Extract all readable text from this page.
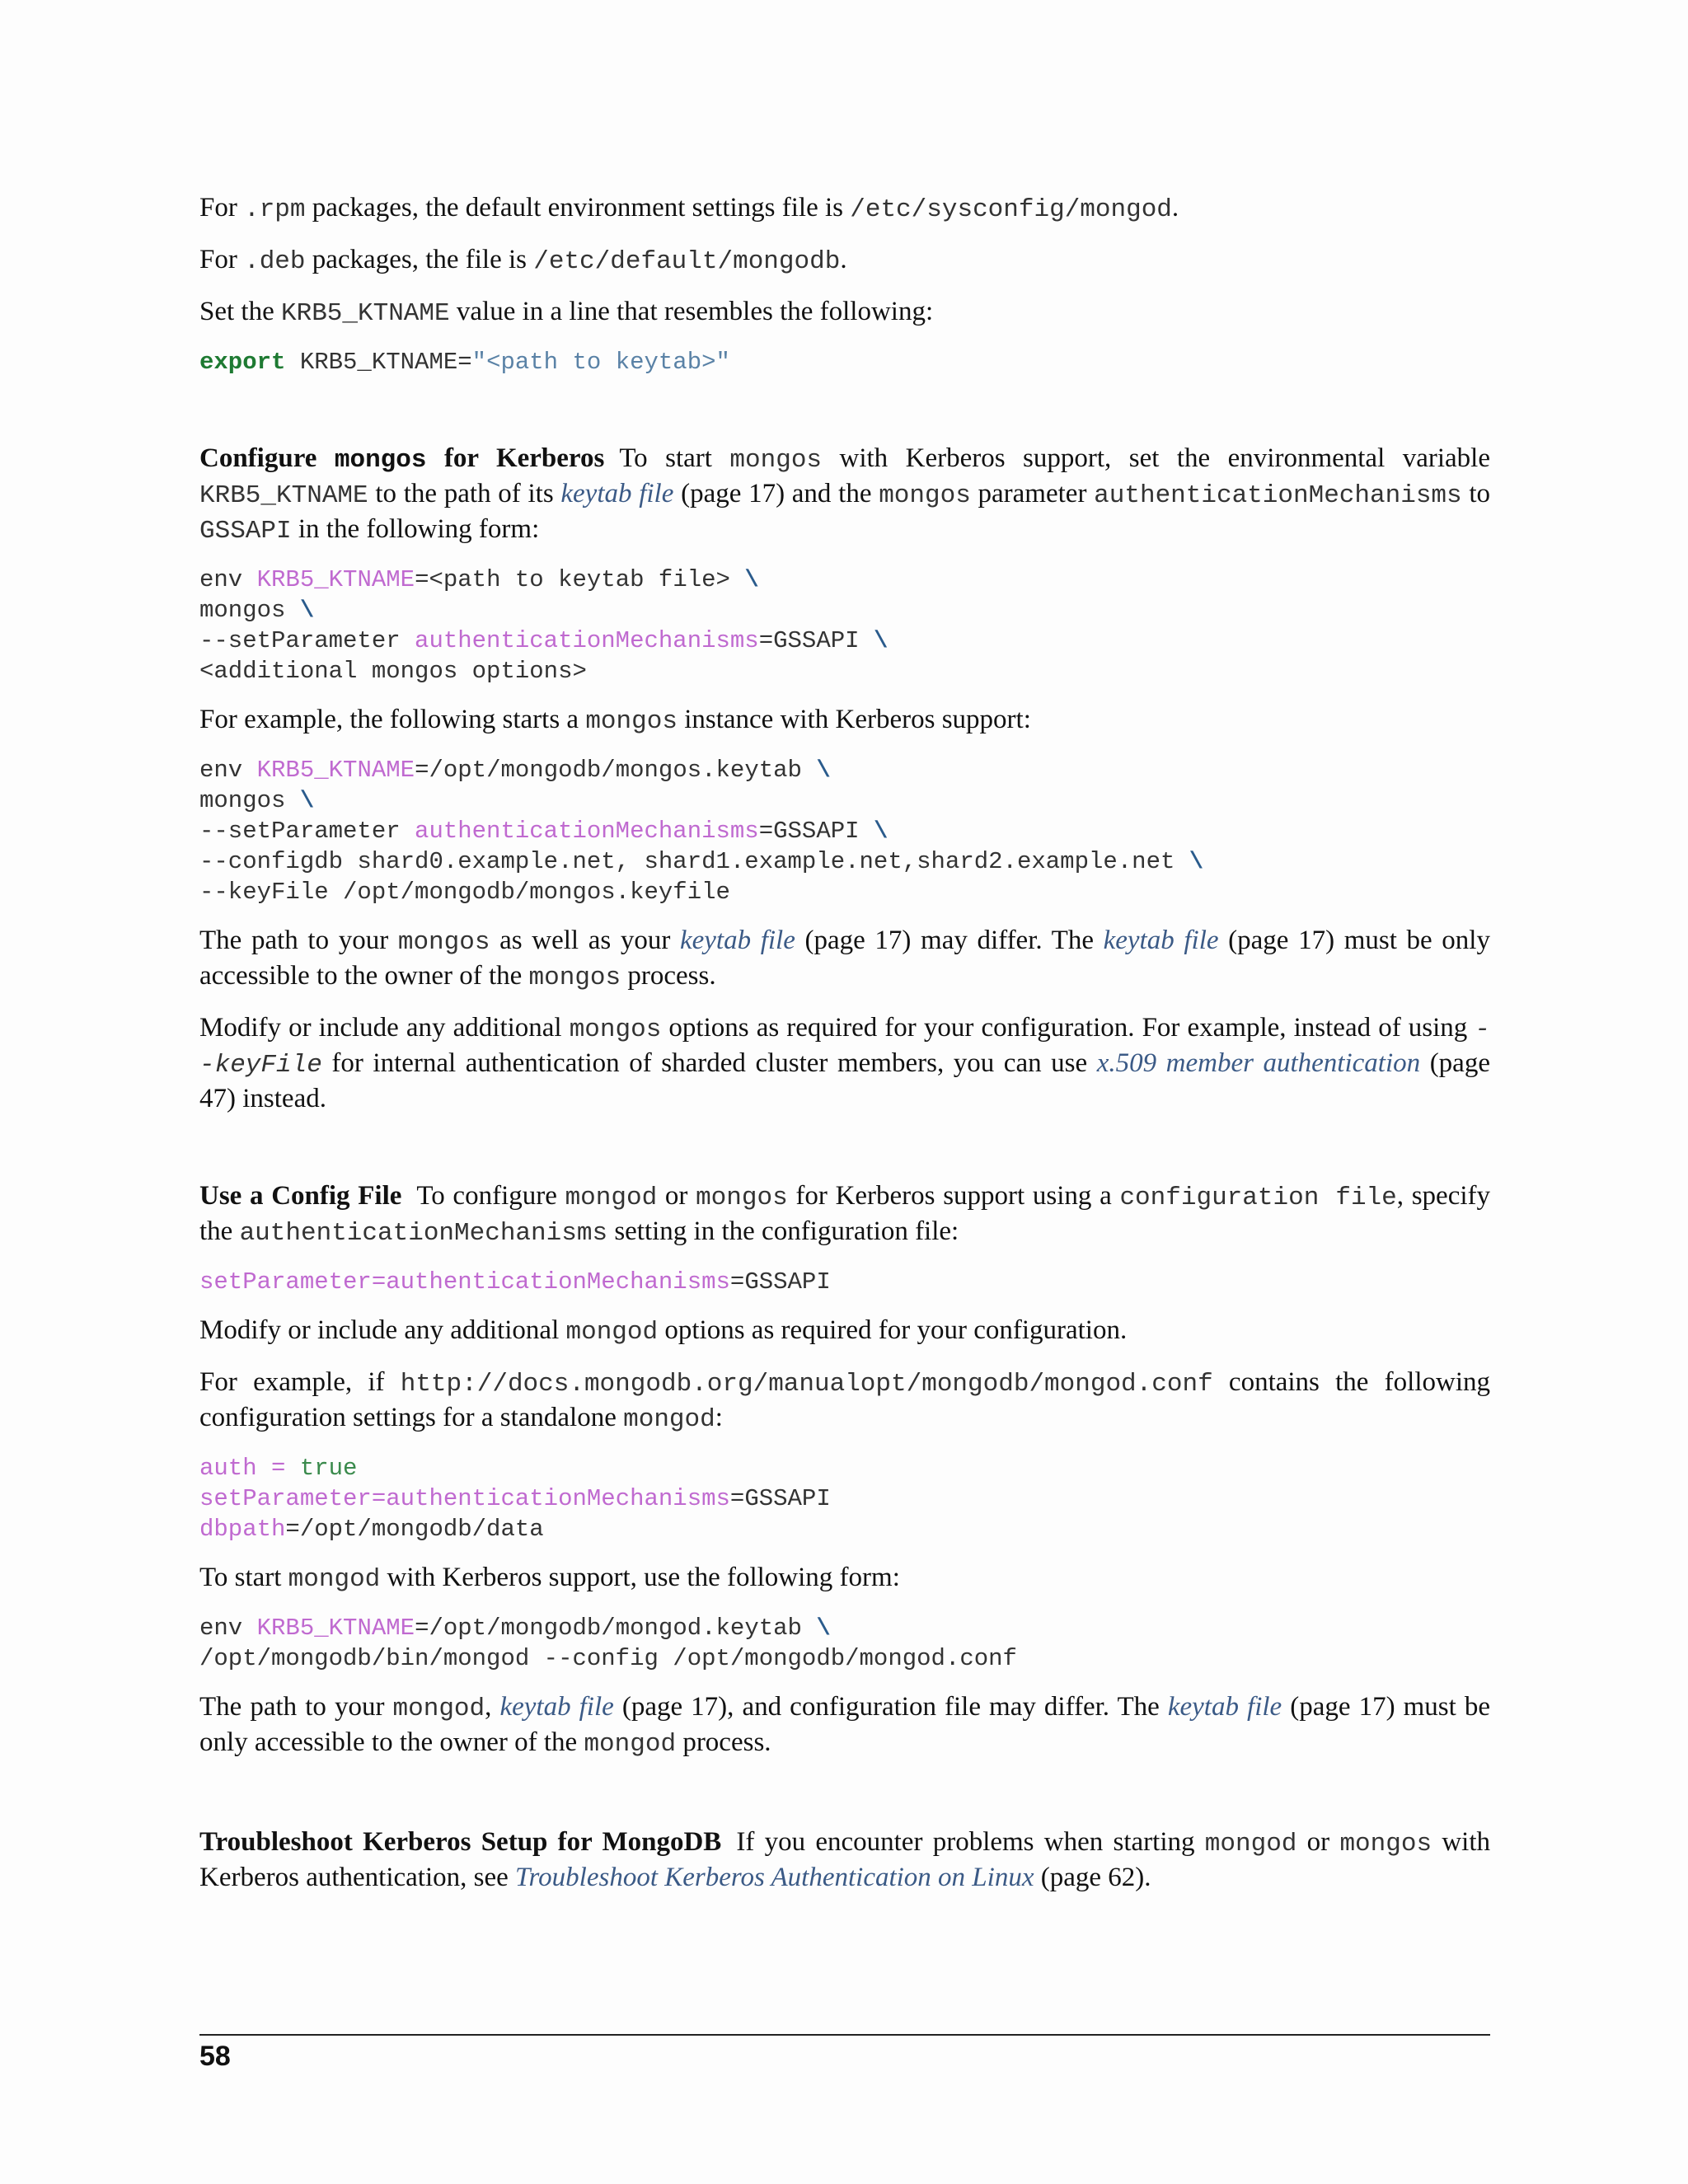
For .rpm packages, the default environment settings file is /etc/sysconfig/mongod.

For .deb packages, the file is /etc/default/mongodb.

Set the KRB5_KTNAME value in a line that resembles the following:

export KRB5_KTNAME="<path to keytab>"

Configure mongos for Kerberos To start mongos with Kerberos support, set the environmental variable KRB5_KTNAME to the path of its keytab file (page 17) and the mongos parameter authenticationMechanisms to GSSAPI in the following form:

env KRB5_KTNAME=<path to keytab file> \
mongos \
--setParameter authenticationMechanisms=GSSAPI \
<additional mongos options>

For example, the following starts a mongos instance with Kerberos support:

env KRB5_KTNAME=/opt/mongodb/mongos.keytab \
mongos \
--setParameter authenticationMechanisms=GSSAPI \
--configdb shard0.example.net, shard1.example.net,shard2.example.net \
--keyFile /opt/mongodb/mongos.keyfile

The path to your mongos as well as your keytab file (page 17) may differ. The keytab file (page 17) must be only accessible to the owner of the mongos process.

Modify or include any additional mongos options as required for your configuration. For example, instead of using --keyFile for internal authentication of sharded cluster members, you can use x.509 member authentication (page 47) instead.

Use a Config File To configure mongod or mongos for Kerberos support using a configuration file, specify the authenticationMechanisms setting in the configuration file:

setParameter=authenticationMechanisms=GSSAPI

Modify or include any additional mongod options as required for your configuration.

For example, if http://docs.mongodb.org/manualopt/mongodb/mongod.conf contains the following configuration settings for a standalone mongod:

auth = true
setParameter=authenticationMechanisms=GSSAPI
dbpath=/opt/mongodb/data

To start mongod with Kerberos support, use the following form:

env KRB5_KTNAME=/opt/mongodb/mongod.keytab \
/opt/mongodb/bin/mongod --config /opt/mongodb/mongod.conf

The path to your mongod, keytab file (page 17), and configuration file may differ. The keytab file (page 17) must be only accessible to the owner of the mongod process.

Troubleshoot Kerberos Setup for MongoDB If you encounter problems when starting mongod or mongos with Kerberos authentication, see Troubleshoot Kerberos Authentication on Linux (page 62).

58
